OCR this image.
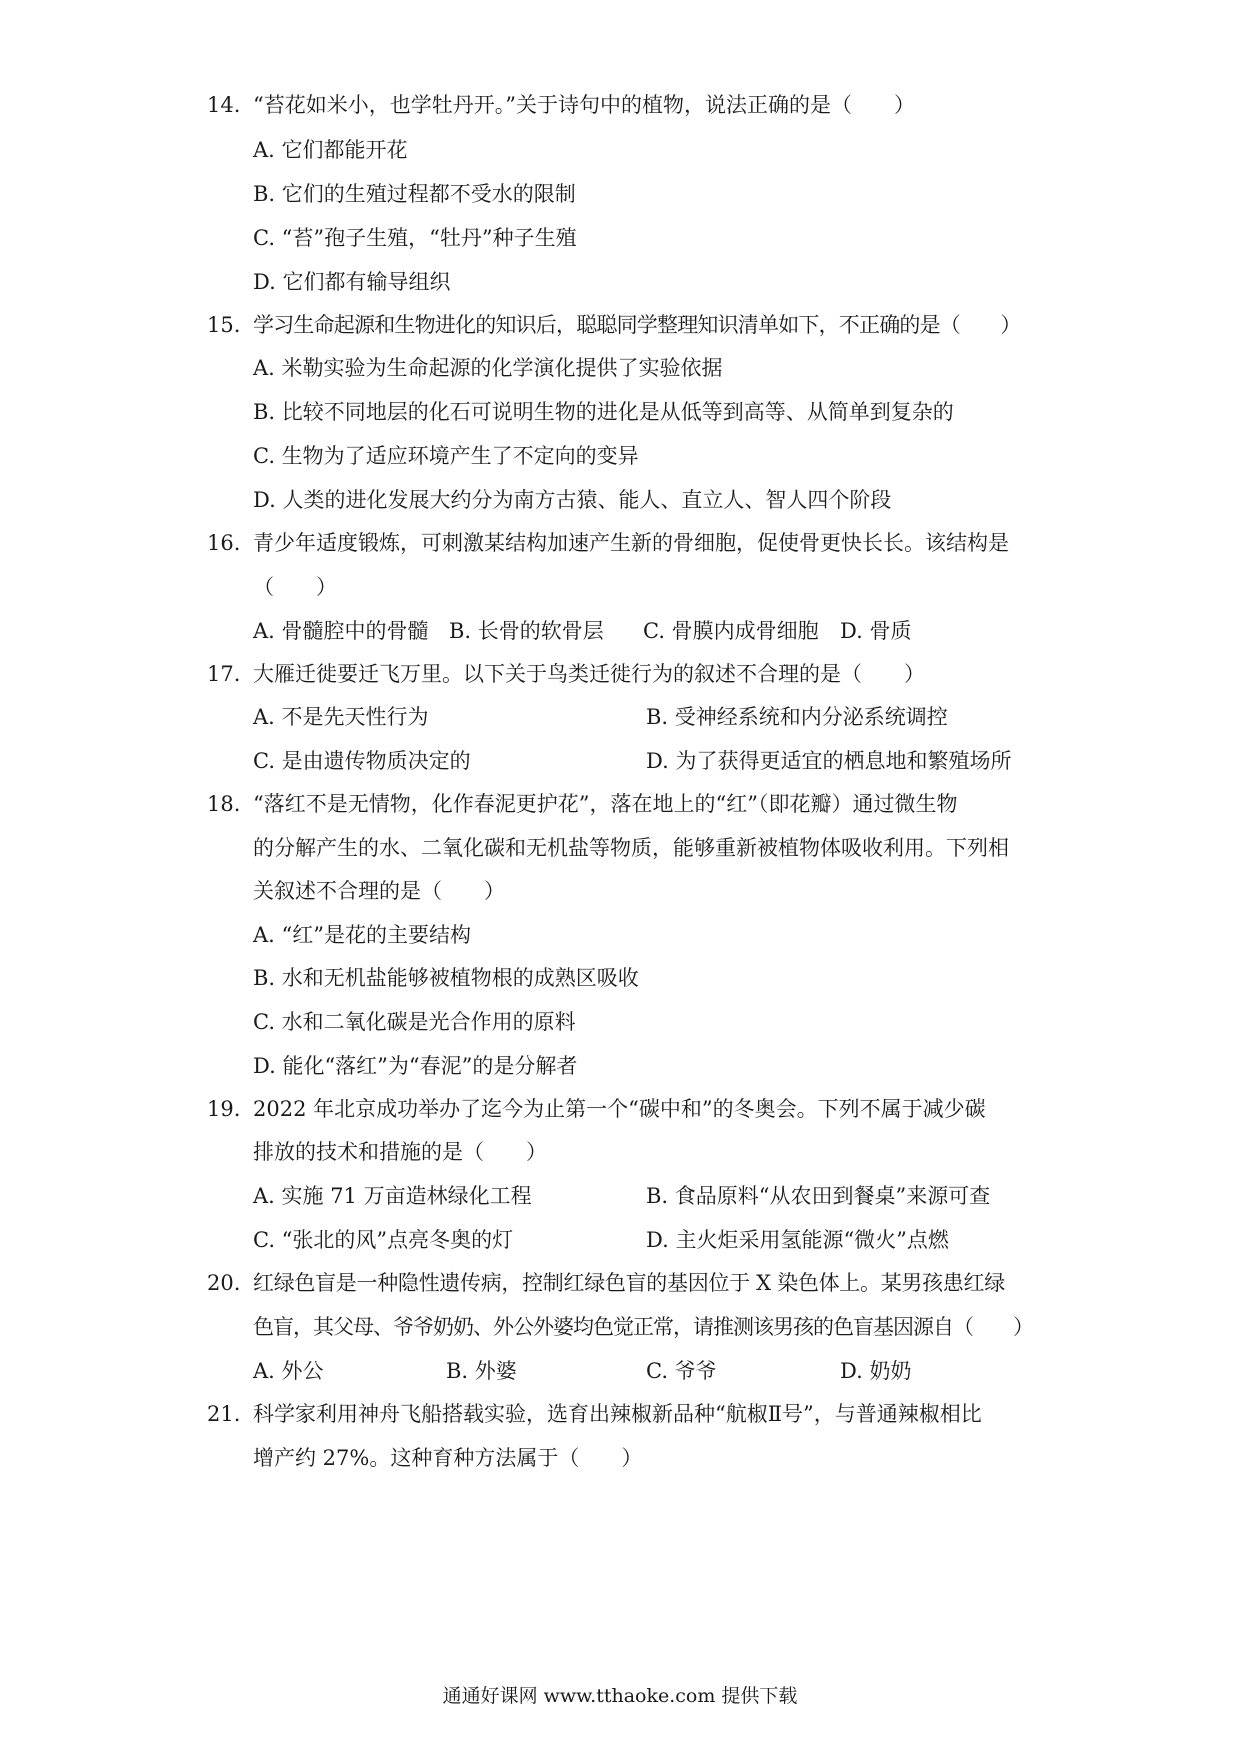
14. “苔花如米小，也学牡丹开。”关于诗句中的植物，说法正确的是（　　）
A. 它们都能开花
B. 它们的生殖过程都不受水的限制
C. “苔”孢子生殖，“牡丹”种子生殖
D. 它们都有输导组织
15. 学习生命起源和生物进化的知识后，聪聪同学整理知识清单如下，不正确的是（　　）
A. 米勒实验为生命起源的化学演化提供了实验依据
B. 比较不同地层的化石可说明生物的进化是从低等到高等、从简单到复杂的
C. 生物为了适应环境产生了不定向的变异
D. 人类的进化发展大约分为南方古猿、能人、直立人、智人四个阶段
16. 青少年适度锻炼，可刺激某结构加速产生新的骨细胞，促使骨更快长长。该结构是
（　　）
A. 骨髓腔中的骨髓 B. 长骨的软骨层 C. 骨膜内成骨细胞 D. 骨质
17. 大雁迁徙要迁飞万里。以下关于鸟类迁徙行为的叙述不合理的是（　　）
A. 不是先天性行为	B. 受神经系统和内分泌系统调控
C. 是由遗传物质决定的	D. 为了获得更适宜的栖息地和繁殖场所
18. “落红不是无情物，化作春泥更护花”，落在地上的“红”（即花瓣）通过微生物
的分解产生的水、二氧化碳和无机盐等物质，能够重新被植物体吸收利用。下列相
关叙述不合理的是（　　）
A. “红”是花的主要结构
B. 水和无机盐能够被植物根的成熟区吸收
C. 水和二氧化碳是光合作用的原料
D. 能化“落红”为“春泥”的是分解者
19. 2022 年北京成功举办了迄今为止第一个“碳中和”的冬奥会。下列不属于减少碳
排放的技术和措施的是（　　）
A. 实施 71 万亩造林绿化工程	B. 食品原料“从农田到餐桌”来源可查
C. “张北的风”点亮冬奥的灯	D. 主火炬采用氢能源“微火”点燃
20. 红绿色盲是一种隐性遗传病，控制红绿色盲的基因位于 X 染色体上。某男孩患红绿
色盲，其父母、爷爷奶奶、外公外婆均色觉正常，请推测该男孩的色盲基因源自（　　）
A. 外公	B. 外婆	C. 爷爷	D. 奶奶
21. 科学家利用神舟飞船搭载实验，选育出辣椒新品种“航椒Ⅱ号”，与普通辣椒相比
增产约 27%。这种育种方法属于（　　）
通通好课网 www.tthaoke.com 提供下载
